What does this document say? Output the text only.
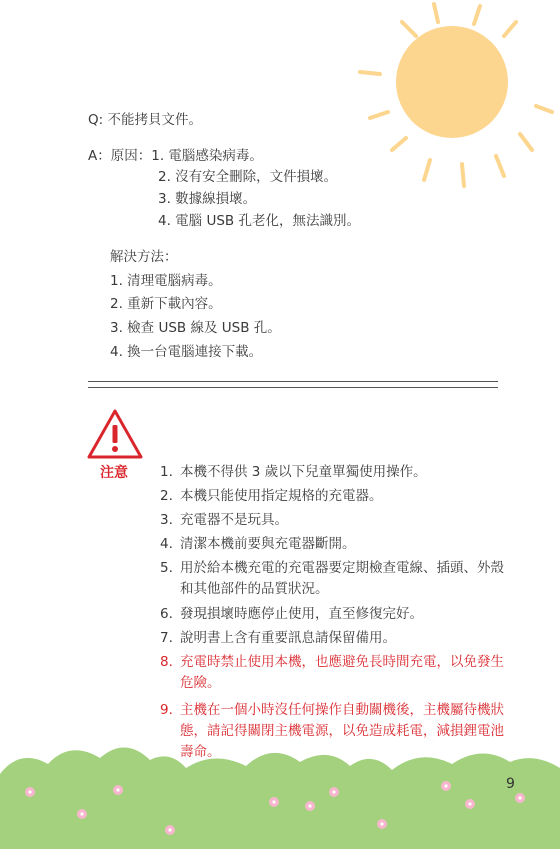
Q: 不能拷貝文件。
A：原因：1. 電腦感染病毒。
2. 沒有安全刪除，文件損壞。
3. 數據線損壞。
4. 電腦 USB 孔老化，無法識別。
解決方法：
1. 清理電腦病毒。
2. 重新下載內容。
3. 檢查 USB 線及 USB 孔。
4. 換一台電腦連接下載。
注意 1. 本機不得供 3 歲以下兒童單獨使用操作。
2. 本機只能使用指定規格的充電器。
3. 充電器不是玩具。
4. 清潔本機前要與充電器斷開。
5. 用於給本機充電的充電器要定期檢查電線、插頭、外殼和其他部件的品質狀況。
6. 發現損壞時應停止使用，直至修復完好。
7. 說明書上含有重要訊息請保留備用。
8. 充電時禁止使用本機，也應避免長時間充電，以免發生危險。
9. 主機在一個小時沒任何操作自動關機後，主機屬待機狀態，請記得關閉主機電源，以免造成耗電，減損鋰電池壽命。
9
